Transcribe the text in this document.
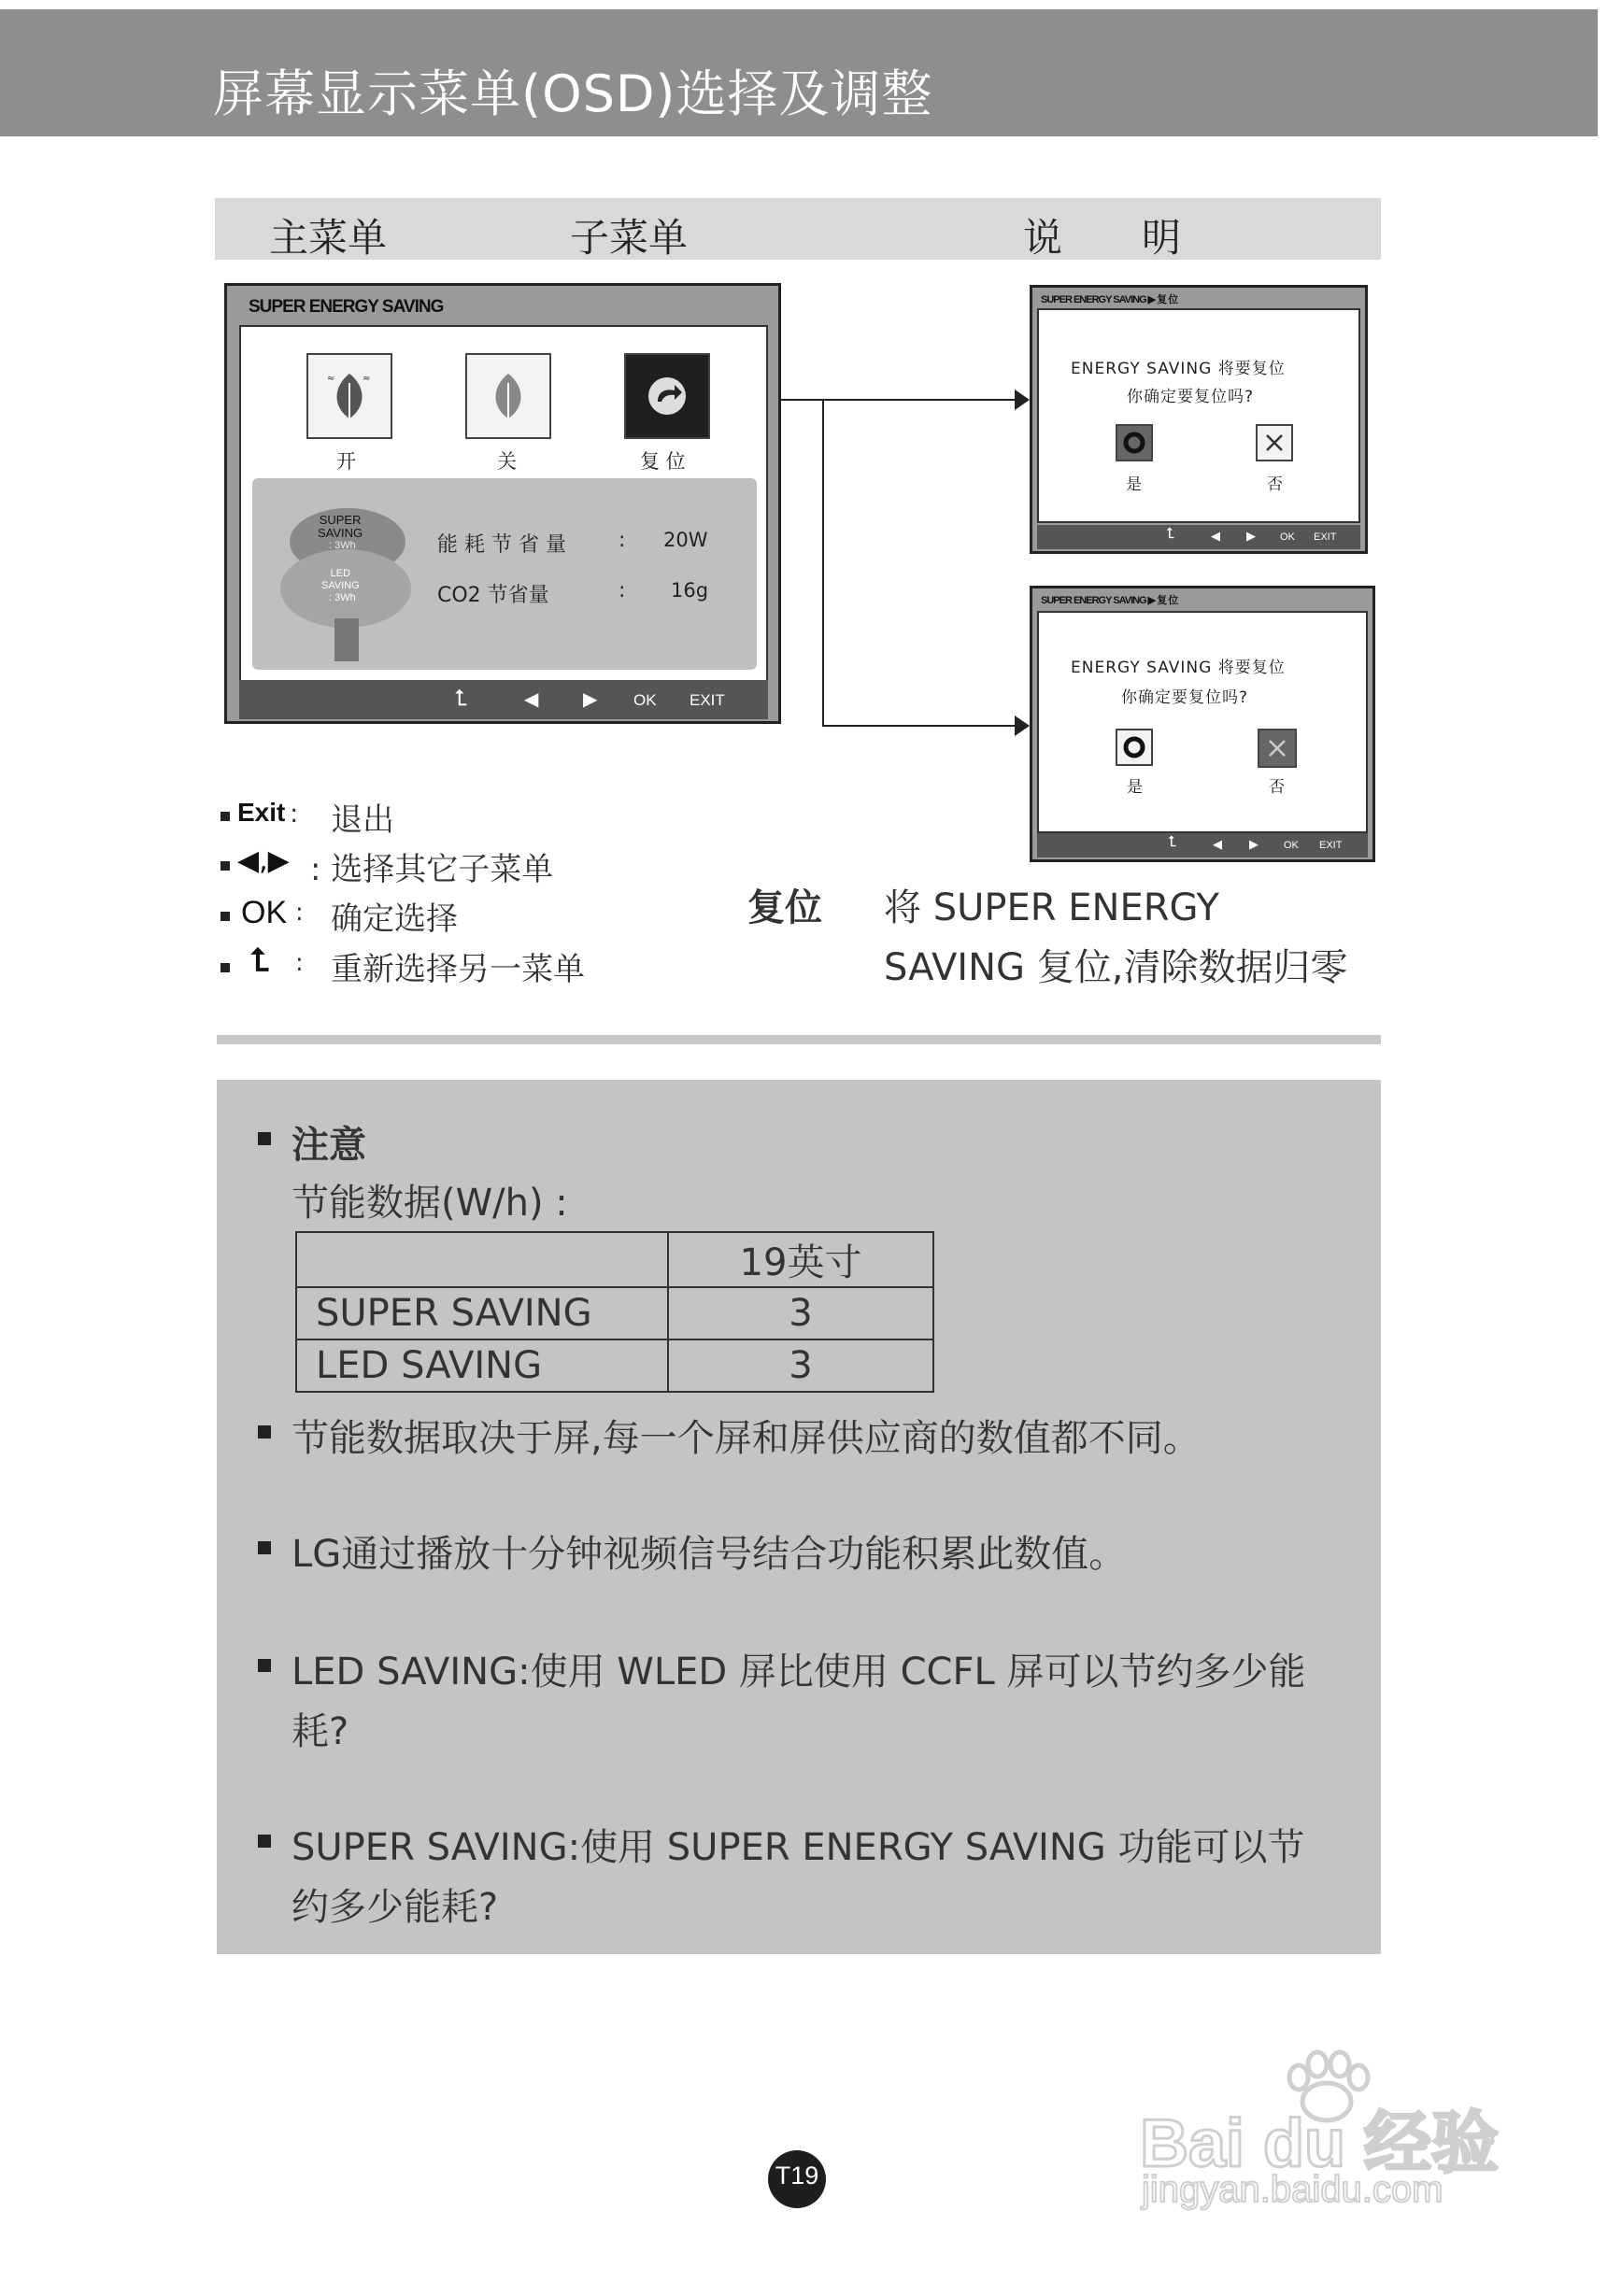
屏幕显示菜单(OSD)选择及调整
主菜单	子菜单	说 明
SUPER ENERGY SAVING
≈	≈
开	关	复 位
SUPER
SAVING
: 3Wh
LED
SAVING
: 3Wh
能 耗 节 省 量	: 20W
CO2 节省量	: 16g
⮤	◀ ▶ OK EXIT
SUPER ENERGY SAVING ▶ 复 位
ENERGY SAVING 将要复位
你确定要复位吗?
是	否
⮤	◀ ▶ OK EXIT
SUPER ENERGY SAVING ▶ 复 位
ENERGY SAVING 将要复位
你确定要复位吗?
是	否
⮤	◀ ▶ OK EXIT
Exit : 退出
◀,▶ : 选择其它子菜单
OK : 确定选择
⮤ : 重新选择另一菜单
复位 将 SUPER ENERGY
SAVING 复位,清除数据归零
注意
节能数据(W/h) :
	19英寸
SUPER SAVING	3
LED SAVING	3
节能数据取决于屏,每一个屏和屏供应商的数值都不同。
LG通过播放十分钟视频信号结合功能积累此数值。
LED SAVING:使用 WLED 屏比使用 CCFL 屏可以节约多少能
耗?
SUPER SAVING:使用 SUPER ENERGY SAVING 功能可以节
约多少能耗?
T19	Bai du 经验
jingyan.baidu.com
